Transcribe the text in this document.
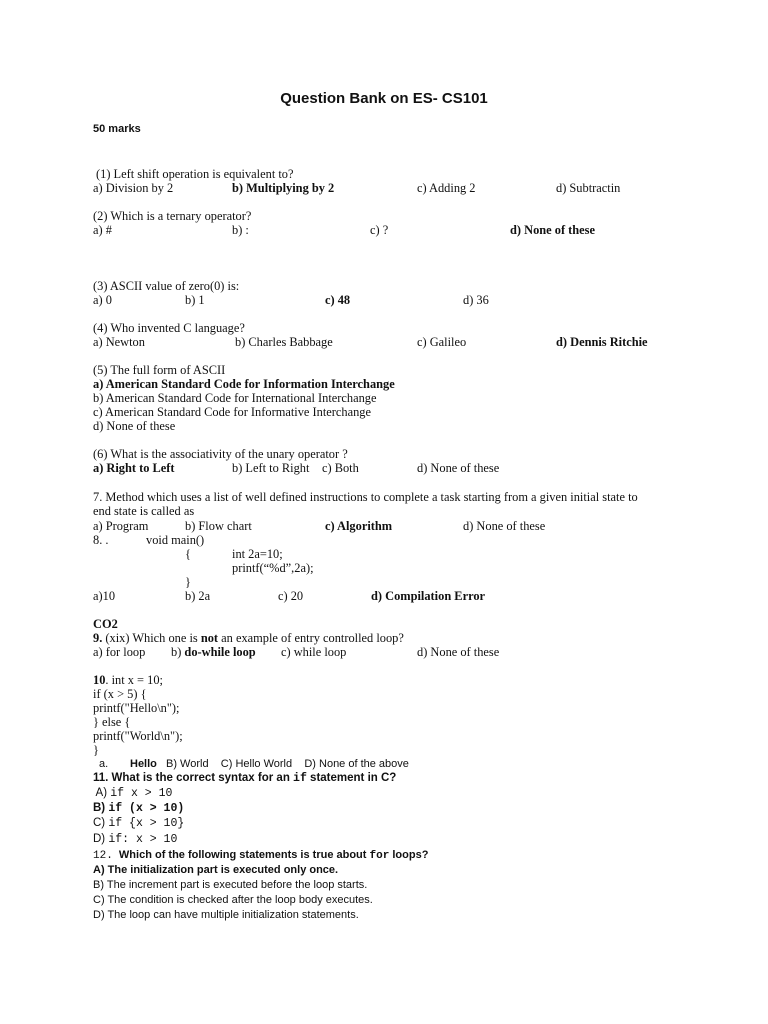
Question Bank on ES- CS101
50 marks
(1) Left shift operation is equivalent to?
a) Division by 2	b) Multiplying by 2	c) Adding 2	d) Subtractin
(2) Which is a ternary operator?
a) #	b) :	c) ?	d) None of these
(3) ASCII value of zero(0) is:
a) 0	b) 1	c) 48	d) 36
(4) Who invented C language?
a) Newton	b) Charles Babbage	c) Galileo	d) Dennis Ritchie
(5) The full form of ASCII
a) American Standard Code for Information Interchange
b) American Standard Code for International Interchange
c) American Standard Code for Informative Interchange
d) None of these
(6) What is the associativity of the unary operator ?
a) Right to Left	b) Left to Right c) Both	d) None of these
7. Method which uses a list of well defined instructions to complete a task starting from a given initial state to
end state is called as
a) Program	b) Flow chart	c) Algorithm	d) None of these
8. .	void main()
{	int 2a=10;
printf(“%d”,2a);
}
a)10	b) 2a	c) 20	d) Compilation Error
CO2
9. (xix) Which one is not an example of entry controlled loop?
a) for loop b) do-while loop c) while loop	d) None of these
10. int x = 10;
if (x > 5) {
printf("Hello\n");
} else {
printf("World\n");
}
a. Hello B) World    C) Hello World    D) None of the above
11. What is the correct syntax for an if statement in C?
A) if x > 10
B) if (x > 10)
C) if {x > 10}
D) if: x > 10
12.  Which of the following statements is true about for loops?
A) The initialization part is executed only once.
B) The increment part is executed before the loop starts.
C) The condition is checked after the loop body executes.
D) The loop can have multiple initialization statements.
